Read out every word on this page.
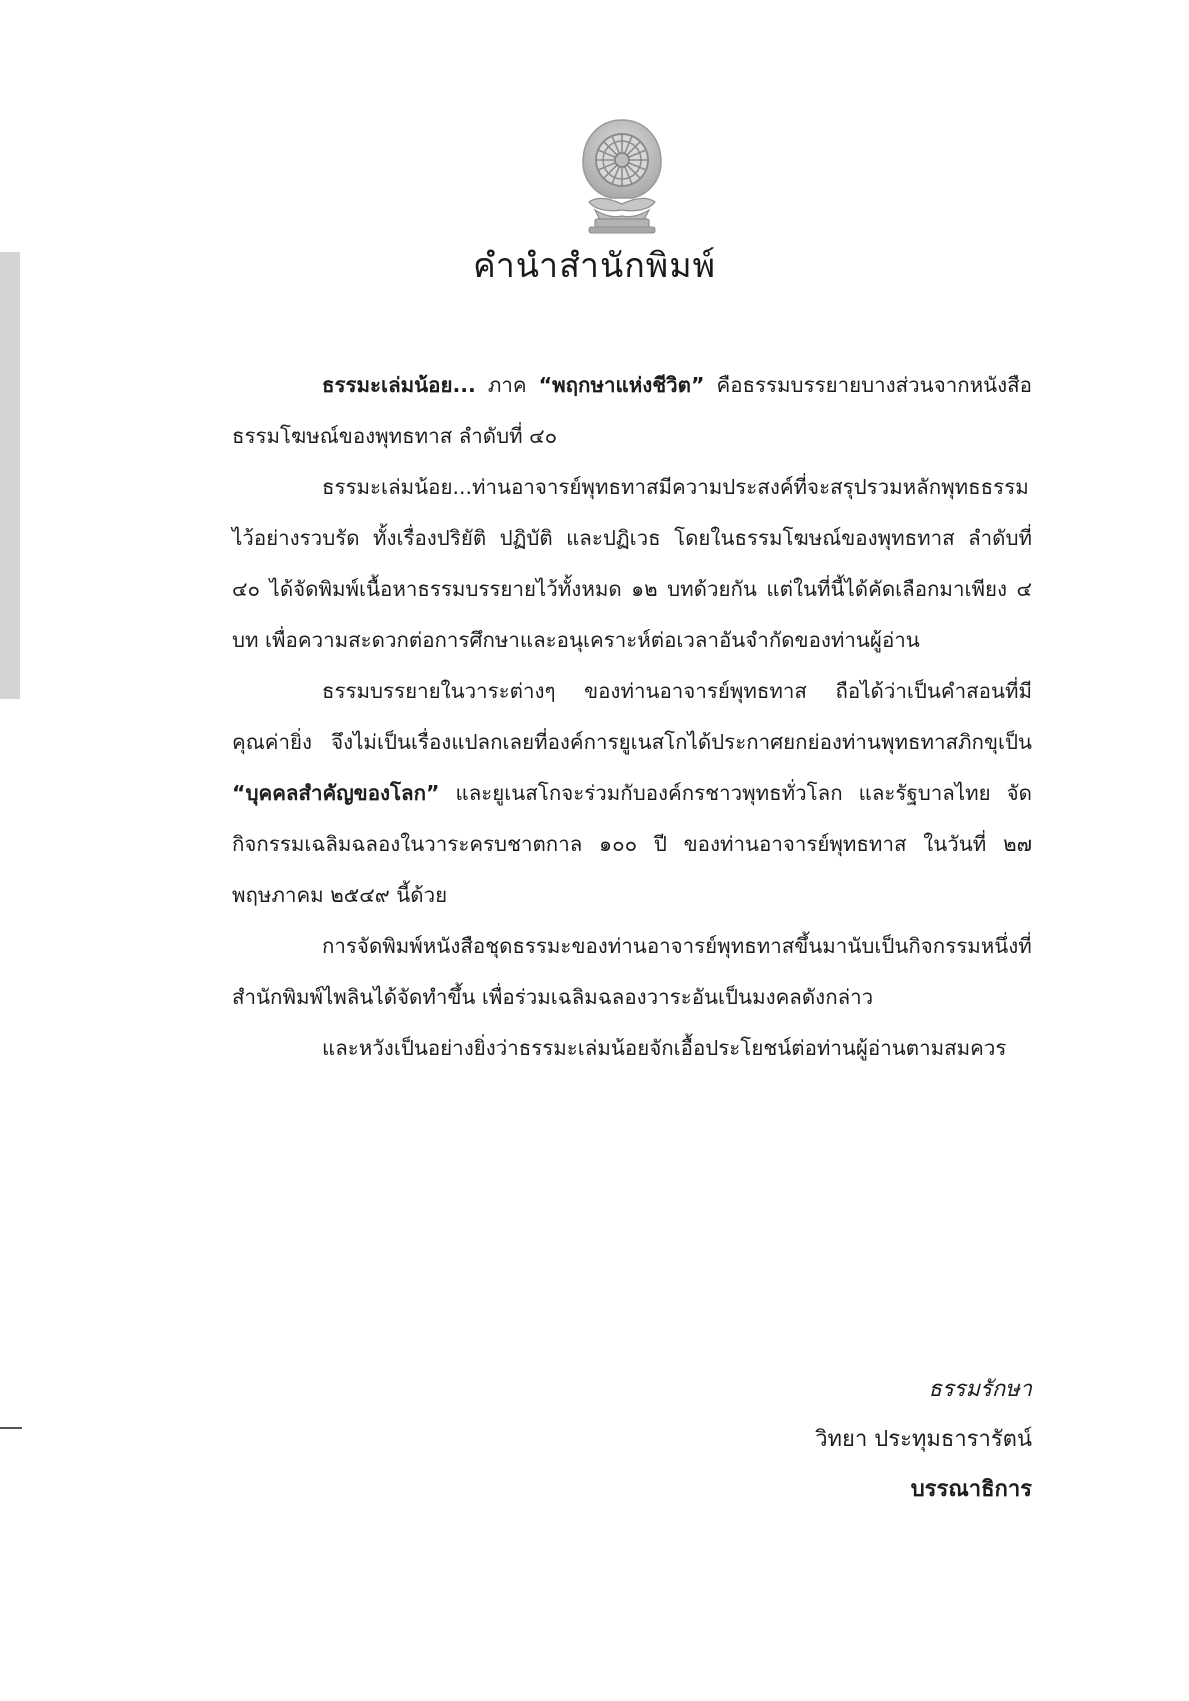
คำนำสำนักพิมพ์

ธรรมะเล่มน้อย... ภาค “พฤกษาแห่งชีวิต” คือธรรมบรรยายบางส่วนจากหนังสือธรรมโฆษณ์ของพุทธทาส ลำดับที่ ๔๐

ธรรมะเล่มน้อย...ท่านอาจารย์พุทธทาสมีความประสงค์ที่จะสรุปรวมหลักพุทธธรรมไว้อย่างรวบรัด ทั้งเรื่องปริยัติ ปฏิบัติ และปฏิเวธ โดยในธรรมโฆษณ์ของพุทธทาส ลำดับที่ ๔๐ ได้จัดพิมพ์เนื้อหาธรรมบรรยายไว้ทั้งหมด ๑๒ บทด้วยกัน แต่ในที่นี้ได้คัดเลือกมาเพียง ๔ บท เพื่อความสะดวกต่อการศึกษาและอนุเคราะห์ต่อเวลาอันจำกัดของท่านผู้อ่าน

ธรรมบรรยายในวาระต่างๆ ของท่านอาจารย์พุทธทาส ถือได้ว่าเป็นคำสอนที่มีคุณค่ายิ่ง จึงไม่เป็นเรื่องแปลกเลยที่องค์การยูเนสโกได้ประกาศยกย่องท่านพุทธทาสภิกขุเป็น “บุคคลสำคัญของโลก” และยูเนสโกจะร่วมกับองค์กรชาวพุทธทั่วโลก และรัฐบาลไทย จัดกิจกรรมเฉลิมฉลองในวาระครบชาตกาล ๑๐๐ ปี ของท่านอาจารย์พุทธทาส ในวันที่ ๒๗ พฤษภาคม ๒๕๔๙ นี้ด้วย

การจัดพิมพ์หนังสือชุดธรรมะของท่านอาจารย์พุทธทาสขึ้นมานับเป็นกิจกรรมหนึ่งที่สำนักพิมพ์ไพลินได้จัดทำขึ้น เพื่อร่วมเฉลิมฉลองวาระอันเป็นมงคลดังกล่าว

และหวังเป็นอย่างยิ่งว่าธรรมะเล่มน้อยจักเอื้อประโยชน์ต่อท่านผู้อ่านตามสมควร

ธรรมรักษา
วิทยา ประทุมธารารัตน์
บรรณาธิการ
